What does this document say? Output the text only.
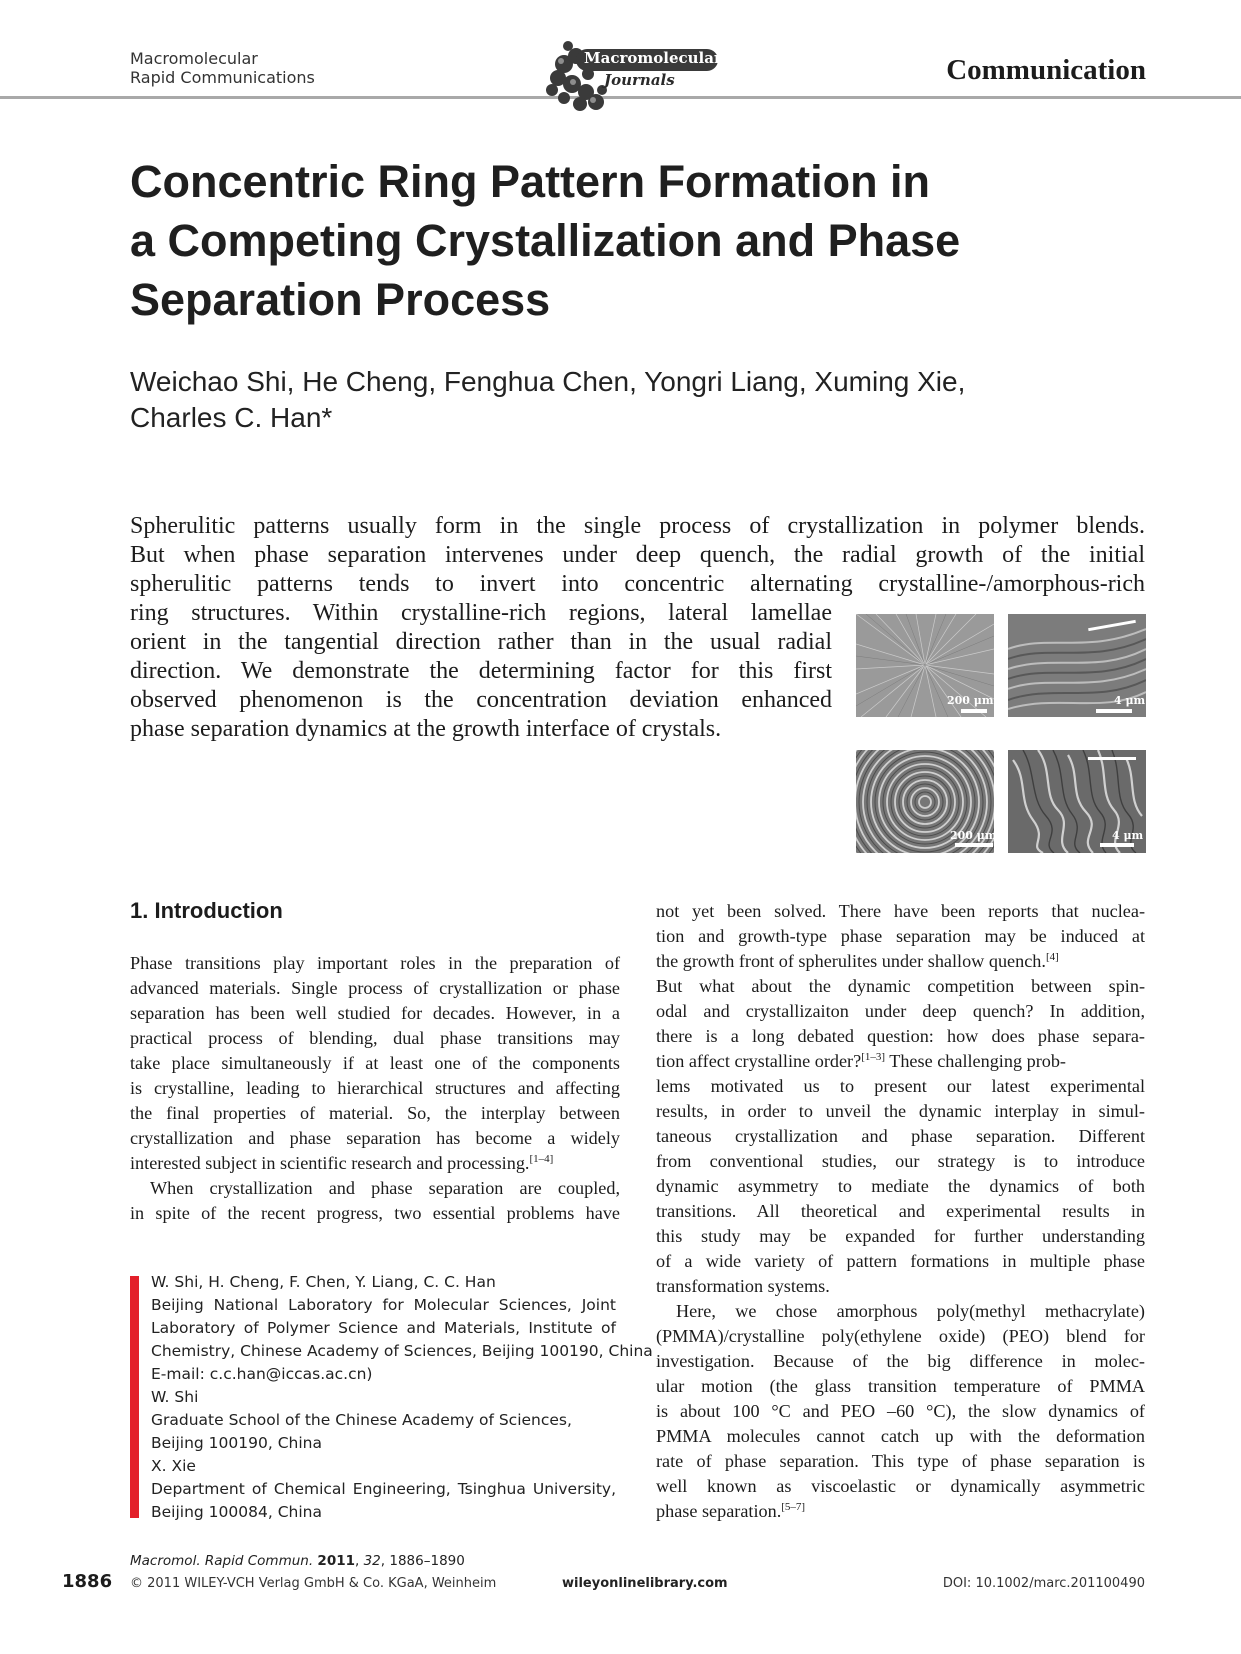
Macromolecular
Rapid Communications
Macromolecular
Journals	Communication
Concentric Ring Pattern Formation in
a Competing Crystallization and Phase
Separation Process
Weichao Shi, He Cheng, Fenghua Chen, Yongri Liang, Xuming Xie,
Charles C. Han*
Spherulitic patterns usually form in the single process of crystallization in polymer blends.
But when phase separation intervenes under deep quench, the radial growth of the initial
spherulitic patterns tends to invert into concentric alternating crystalline-/amorphous-rich
ring structures. Within crystalline-rich regions, lateral lamellae
orient in the tangential direction rather than in the usual radial
direction. We demonstrate the determining factor for this first
observed phenomenon is the concentration deviation enhanced
phase separation dynamics at the growth interface of crystals.
200 μm	4 μm
200 μm	4 μm
1. Introduction
Phase transitions play important roles in the preparation of
advanced materials. Single process of crystallization or phase
separation has been well studied for decades. However, in a
practical process of blending, dual phase transitions may
take place simultaneously if at least one of the components
is crystalline, leading to hierarchical structures and affecting
the final properties of material. So, the interplay between
crystallization and phase separation has become a widely
interested subject in scientific research and processing.[1–4]
When crystallization and phase separation are coupled,
in spite of the recent progress, two essential problems have
W. Shi, H. Cheng, F. Chen, Y. Liang, C. C. Han
Beijing National Laboratory for Molecular Sciences, Joint
Laboratory of Polymer Science and Materials, Institute of
Chemistry, Chinese Academy of Sciences, Beijing 100190, China
E-mail: c.c.han@iccas.ac.cn)
W. Shi
Graduate School of the Chinese Academy of Sciences,
Beijing 100190, China
X. Xie
Department of Chemical Engineering, Tsinghua University,
Beijing 100084, China
not yet been solved. There have been reports that nuclea-
tion and growth-type phase separation may be induced at
the growth front of spherulites under shallow quench.[4]
But what about the dynamic competition between spin-
odal and crystallizaiton under deep quench? In addition,
there is a long debated question: how does phase separa-
tion affect crystalline order?[1–3] These challenging prob-
lems motivated us to present our latest experimental
results, in order to unveil the dynamic interplay in simul-
taneous crystallization and phase separation. Different
from conventional studies, our strategy is to introduce
dynamic asymmetry to mediate the dynamics of both
transitions. All theoretical and experimental results in
this study may be expanded for further understanding
of a wide variety of pattern formations in multiple phase
transformation systems.
Here, we chose amorphous poly(methyl methacrylate)
(PMMA)/crystalline poly(ethylene oxide) (PEO) blend for
investigation. Because of the big difference in molec-
ular motion (the glass transition temperature of PMMA
is about 100 °C and PEO –60 °C), the slow dynamics of
PMMA molecules cannot catch up with the deformation
rate of phase separation. This type of phase separation is
well known as viscoelastic or dynamically asymmetric
phase separation.[5–7]
1886
Macromol. Rapid Commun. 2011, 32, 1886–1890
© 2011 WILEY-VCH Verlag GmbH & Co. KGaA, Weinheim	wileyonlinelibrary.com	DOI: 10.1002/marc.201100490
